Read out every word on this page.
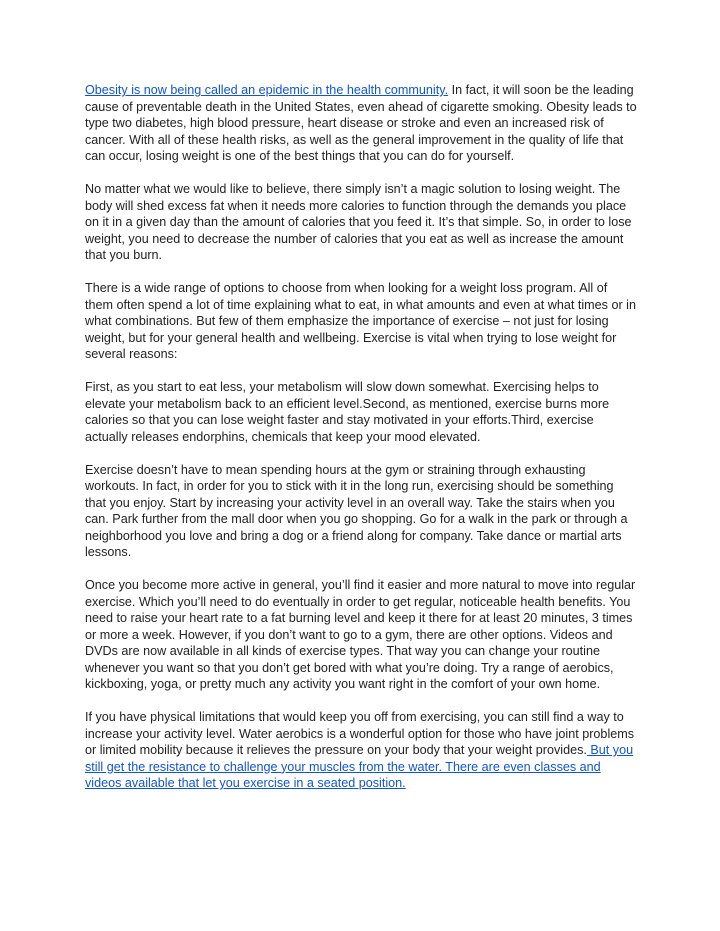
Obesity is now being called an epidemic in the health community. In fact, it will soon be the leading cause of preventable death in the United States, even ahead of cigarette smoking. Obesity leads to type two diabetes, high blood pressure, heart disease or stroke and even an increased risk of cancer. With all of these health risks, as well as the general improvement in the quality of life that can occur, losing weight is one of the best things that you can do for yourself.

No matter what we would like to believe, there simply isn’t a magic solution to losing weight. The body will shed excess fat when it needs more calories to function through the demands you place on it in a given day than the amount of calories that you feed it. It’s that simple. So, in order to lose weight, you need to decrease the number of calories that you eat as well as increase the amount that you burn.

There is a wide range of options to choose from when looking for a weight loss program. All of them often spend a lot of time explaining what to eat, in what amounts and even at what times or in what combinations. But few of them emphasize the importance of exercise – not just for losing weight, but for your general health and wellbeing. Exercise is vital when trying to lose weight for several reasons:

First, as you start to eat less, your metabolism will slow down somewhat. Exercising helps to elevate your metabolism back to an efficient level.Second, as mentioned, exercise burns more calories so that you can lose weight faster and stay motivated in your efforts.Third, exercise actually releases endorphins, chemicals that keep your mood elevated.

Exercise doesn’t have to mean spending hours at the gym or straining through exhausting workouts. In fact, in order for you to stick with it in the long run, exercising should be something that you enjoy. Start by increasing your activity level in an overall way. Take the stairs when you can. Park further from the mall door when you go shopping. Go for a walk in the park or through a neighborhood you love and bring a dog or a friend along for company. Take dance or martial arts lessons.

Once you become more active in general, you’ll find it easier and more natural to move into regular exercise. Which you’ll need to do eventually in order to get regular, noticeable health benefits. You need to raise your heart rate to a fat burning level and keep it there for at least 20 minutes, 3 times or more a week. However, if you don’t want to go to a gym, there are other options. Videos and DVDs are now available in all kinds of exercise types. That way you can change your routine whenever you want so that you don’t get bored with what you’re doing. Try a range of aerobics, kickboxing, yoga, or pretty much any activity you want right in the comfort of your own home.

If you have physical limitations that would keep you off from exercising, you can still find a way to increase your activity level. Water aerobics is a wonderful option for those who have joint problems or limited mobility because it relieves the pressure on your body that your weight provides. But you still get the resistance to challenge your muscles from the water. There are even classes and videos available that let you exercise in a seated position.
